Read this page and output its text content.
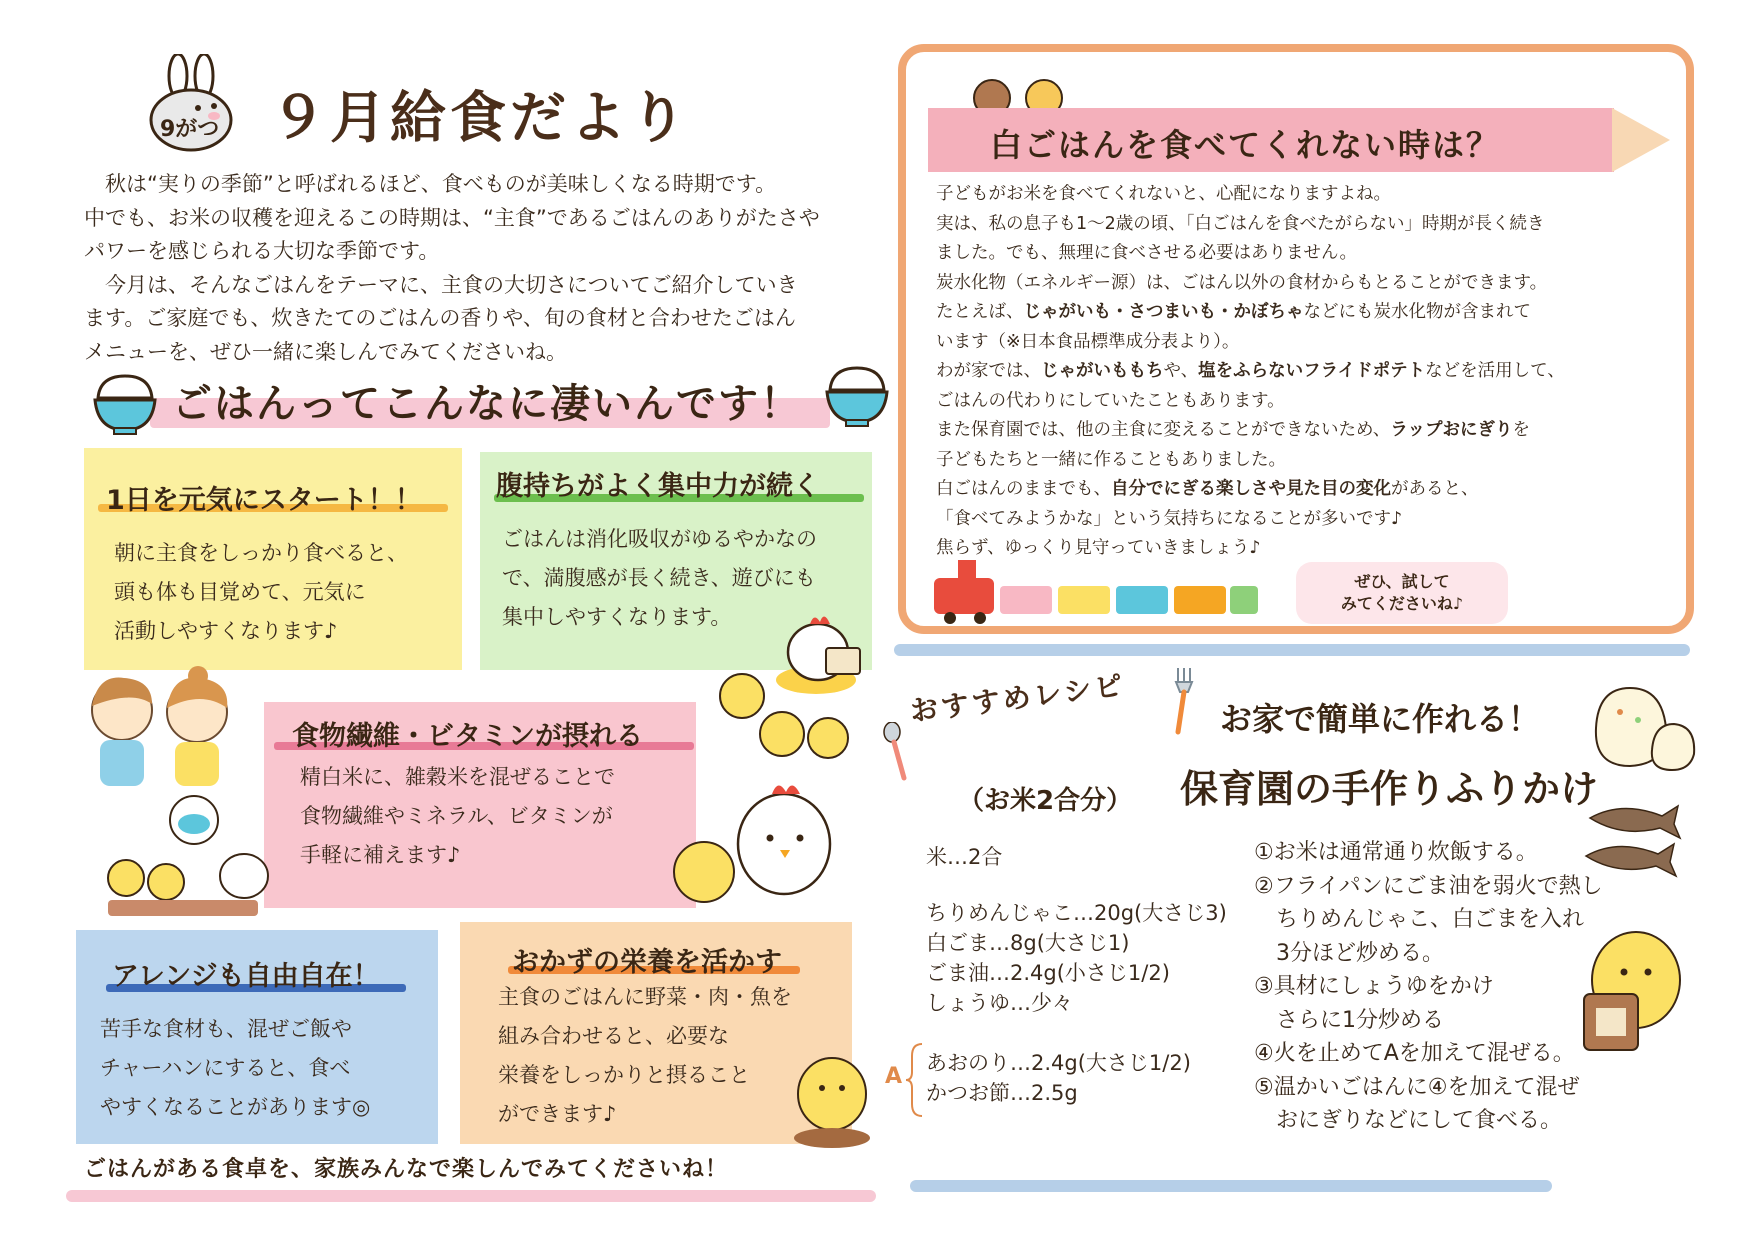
9がつ ９月給食だより

　秋は“実りの季節”と呼ばれるほど、食べものが美味しくなる時期です。
中でも、お米の収穫を迎えるこの時期は、“主食”であるごはんのありがたさや
パワーを感じられる大切な季節です。

　今月は、そんなごはんをテーマに、主食の大切さについてご紹介していき
ます。ご家庭でも、炊きたてのごはんの香りや、旬の食材と合わせたごはん
メニューを、ぜひ一緒に楽しんでみてくださいね。

ごはんってこんなに凄いんです！
1日を元気にスタート！！
朝に主食をしっかり食べると、
頭も体も目覚めて、元気に
活動しやすくなります♪
腹持ちがよく集中力が続く
ごはんは消化吸収がゆるやかなの
で、満腹感が長く続き、遊びにも
集中しやすくなります。
食物繊維・ビタミンが摂れる
精白米に、雑穀米を混ぜることで
食物繊維やミネラル、ビタミンが
手軽に補えます♪
アレンジも自由自在！
苦手な食材も、混ぜご飯や
チャーハンにすると、食べ
やすくなることがあります◎
おかずの栄養を活かす
主食のごはんに野菜・肉・魚を
組み合わせると、必要な
栄養をしっかりと摂ること
ができます♪
ごはんがある食卓を、家族みんなで楽しんでみてくださいね！
白ごはんを食べてくれない時は？
子どもがお米を食べてくれないと、心配になりますよね。
実は、私の息子も1〜2歳の頃、「白ごはんを食べたがらない」時期が長く続き
ました。でも、無理に食べさせる必要はありません。
炭水化物（エネルギー源）は、ごはん以外の食材からもとることができます。
たとえば、じゃがいも・さつまいも・かぼちゃなどにも炭水化物が含まれて
います（※日本食品標準成分表より）。
わが家では、じゃがいももちや、塩をふらないフライドポテトなどを活用して、
ごはんの代わりにしていたこともあります。
また保育園では、他の主食に変えることができないため、ラップおにぎりを
子どもたちと一緒に作ることもありました。
白ごはんのままでも、自分でにぎる楽しさや見た目の変化があると、
「食べてみようかな」という気持ちになることが多いです♪
焦らず、ゆっくり見守っていきましょう♪
ぜひ、試して
みてくださいね♪
おすすめレシピ	お家で簡単に作れる！
保育園の手作りふりかけ
（お米2合分）
米…2合
ちりめんじゃこ…20g(大さじ3)
白ごま…8g(大さじ1)
ごま油…2.4g(小さじ1/2)
しょうゆ…少々
A
あおのり…2.4g(大さじ1/2)
かつお節…2.5g
①お米は通常通り炊飯する。
②フライパンにごま油を弱火で熱し
　ちりめんじゃこ、白ごまを入れ
　3分ほど炒める。
③具材にしょうゆをかけ
　さらに1分炒める
④火を止めてAを加えて混ぜる。
⑤温かいごはんに④を加えて混ぜ
　おにぎりなどにして食べる。
